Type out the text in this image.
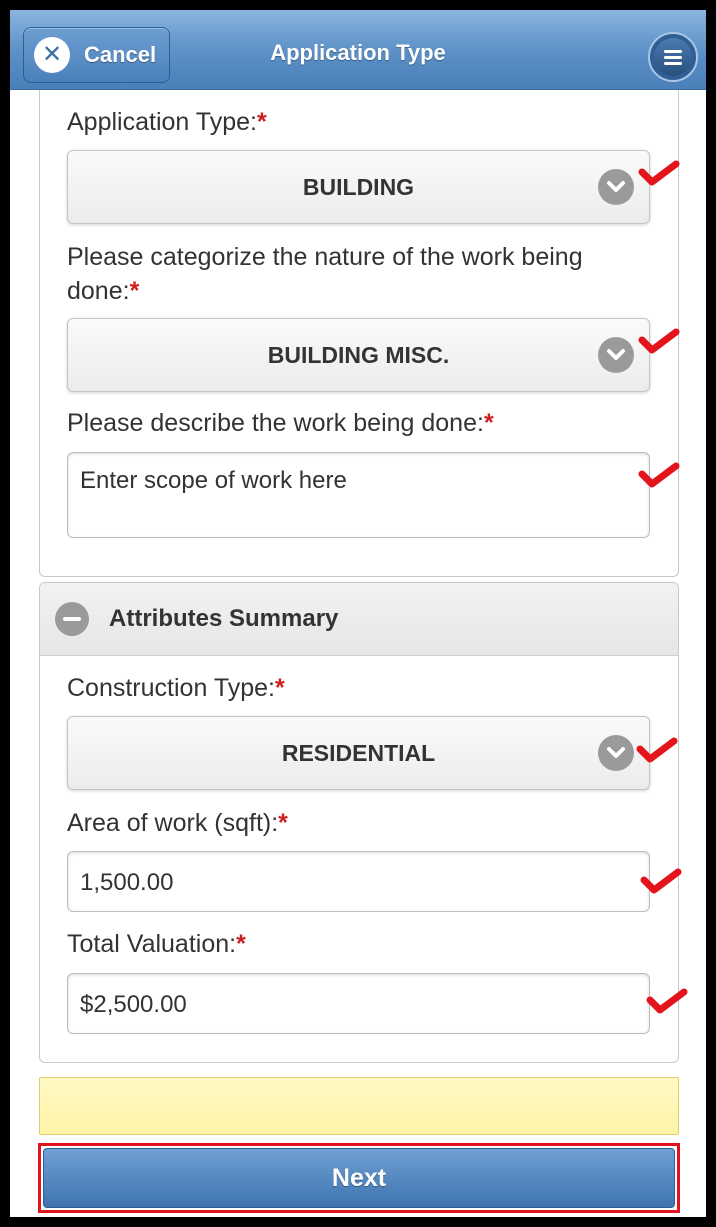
✕ Cancel	Application Type
Application Type:*
BUILDING
Please categorize the nature of the work being done:*
BUILDING MISC.
Please describe the work being done:*
Enter scope of work here
Attributes Summary
Construction Type:*
RESIDENTIAL
Area of work (sqft):*
1,500.00
Total Valuation:*
$2,500.00
Next
